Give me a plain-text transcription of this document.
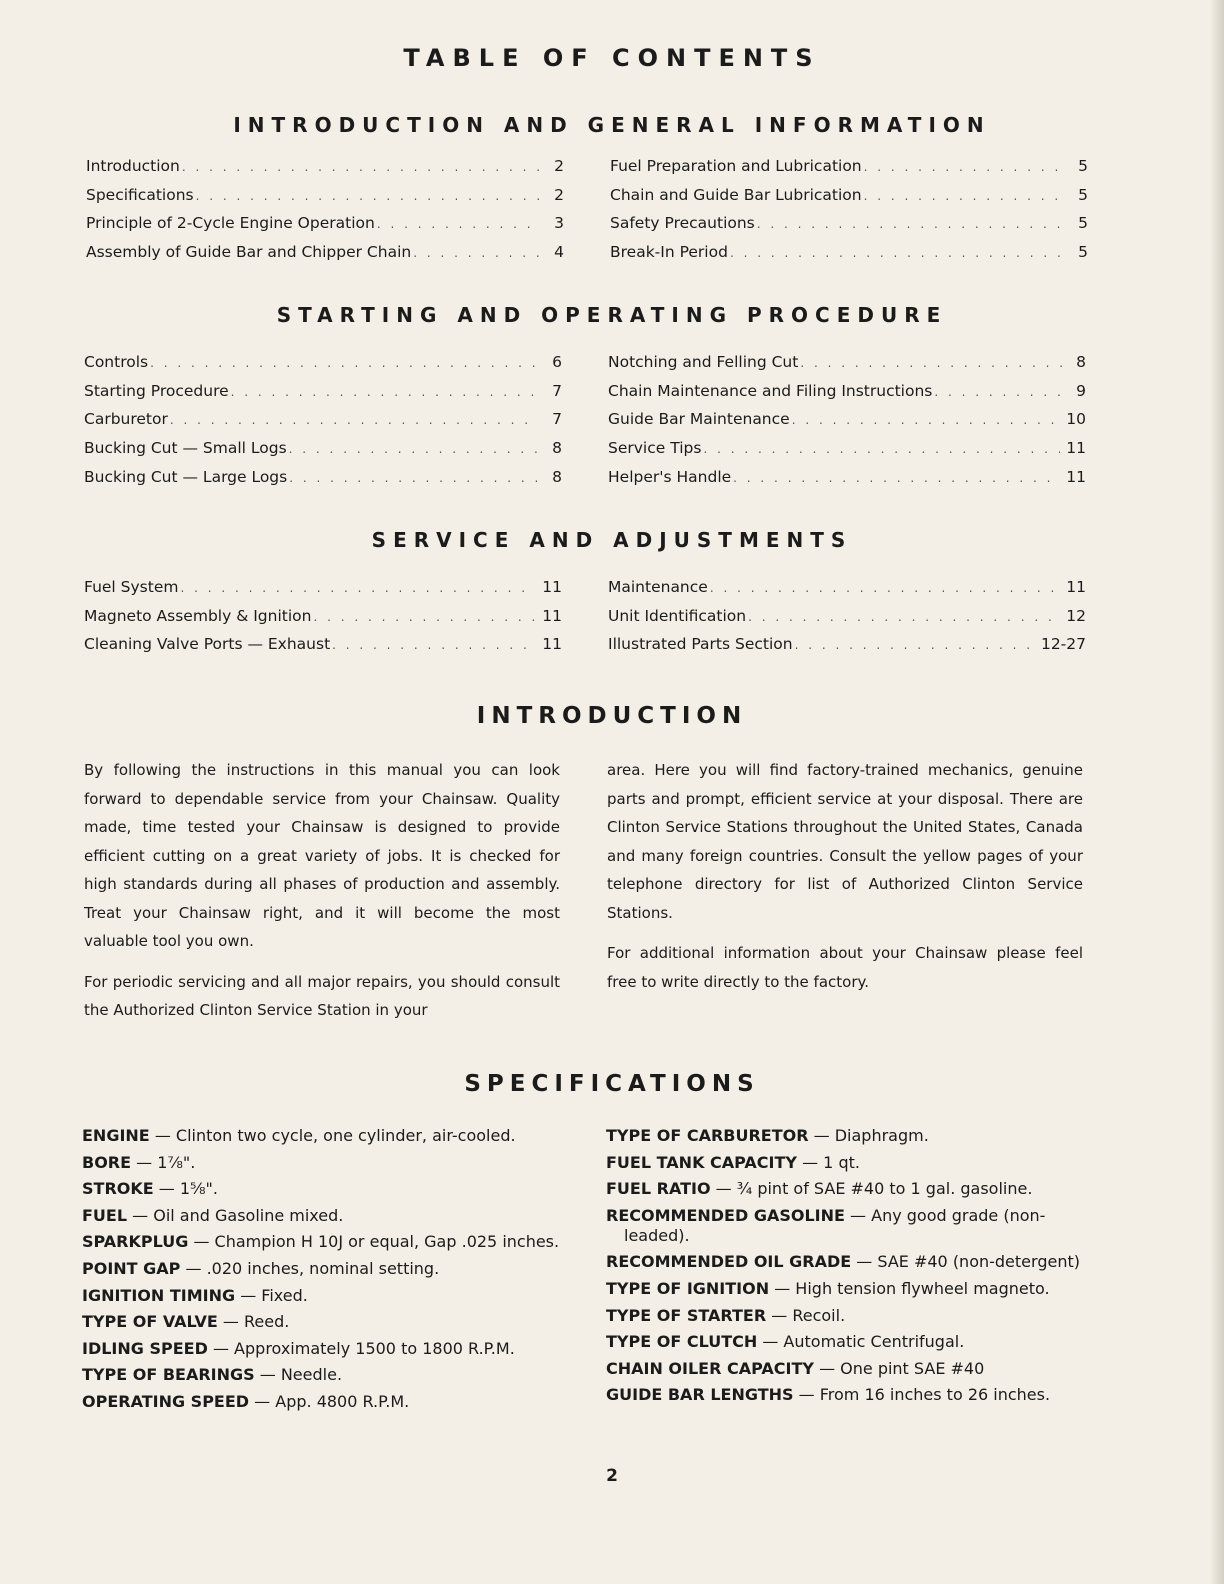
TABLE OF CONTENTS
INTRODUCTION AND GENERAL INFORMATION
Introduction . . .	2
Specifications . . .	2
Principle of 2-Cycle Engine Operation . . .	3
Assembly of Guide Bar and Chipper Chain . . .	4
Fuel Preparation and Lubrication . . .	5
Chain and Guide Bar Lubrication . . .	5
Safety Precautions . . .	5
Break-In Period . . .	5
STARTING AND OPERATING PROCEDURE
Controls . . .	6
Starting Procedure . . .	7
Carburetor . . .	7
Bucking Cut — Small Logs . . .	8
Bucking Cut — Large Logs . . .	8
Notching and Felling Cut . . .	8
Chain Maintenance and Filing Instructions . . .	9
Guide Bar Maintenance . . .	10
Service Tips . . .	11
Helper's Handle . . .	11
SERVICE AND ADJUSTMENTS
Fuel System . . .	11
Magneto Assembly & Ignition . . .	11
Cleaning Valve Ports — Exhaust . . .	11
Maintenance . . .	11
Unit Identification . . .	12
Illustrated Parts Section . . .	12-27
INTRODUCTION

By following the instructions in this manual you can look forward to dependable service from your Chainsaw. Quality made, time tested your Chainsaw is designed to provide efficient cutting on a great variety of jobs. It is checked for high standards during all phases of production and assembly. Treat your Chainsaw right, and it will become the most valuable tool you own.

For periodic servicing and all major repairs, you should consult the Authorized Clinton Service Station in your

area. Here you will find factory-trained mechanics, genuine parts and prompt, efficient service at your disposal. There are Clinton Service Stations throughout the United States, Canada and many foreign countries. Consult the yellow pages of your telephone directory for list of Authorized Clinton Service Stations.

For additional information about your Chainsaw please feel free to write directly to the factory.

SPECIFICATIONS
ENGINE — Clinton two cycle, one cylinder, air-cooled.
BORE — 1⅞".
STROKE — 1⅝".
FUEL — Oil and Gasoline mixed.
SPARKPLUG — Champion H 10J or equal, Gap .025 inches.
POINT GAP — .020 inches, nominal setting.
IGNITION TIMING — Fixed.
TYPE OF VALVE — Reed.
IDLING SPEED — Approximately 1500 to 1800 R.P.M.
TYPE OF BEARINGS — Needle.
OPERATING SPEED — App. 4800 R.P.M.
TYPE OF CARBURETOR — Diaphragm.
FUEL TANK CAPACITY — 1 qt.
FUEL RATIO — ¾ pint of SAE #40 to 1 gal. gasoline.
RECOMMENDED GASOLINE — Any good grade (non-leaded).
RECOMMENDED OIL GRADE — SAE #40 (non-detergent)
TYPE OF IGNITION — High tension flywheel magneto.
TYPE OF STARTER — Recoil.
TYPE OF CLUTCH — Automatic Centrifugal.
CHAIN OILER CAPACITY — One pint SAE #40
GUIDE BAR LENGTHS — From 16 inches to 26 inches.
2
